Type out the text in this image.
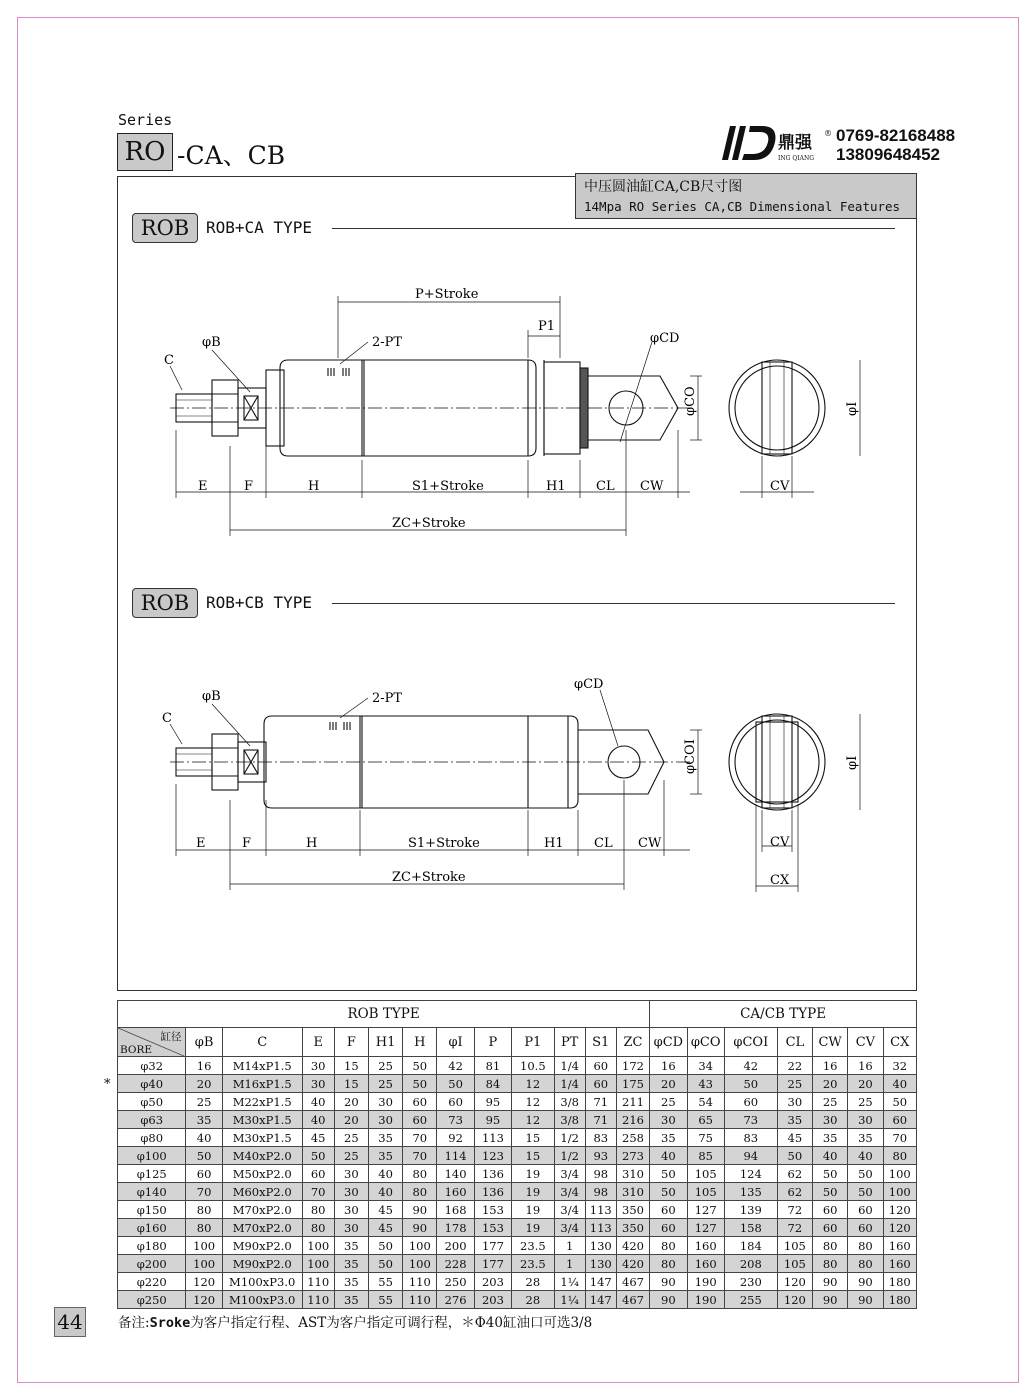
Series
RO -CA、CB	鼎强 ®
ING QIANG
0769-82168488
13809648452
中压圆油缸CA,CB尺寸图
14Mpa RO Series CA,CB Dimensional Features
ROB	ROB+CA TYPE
ROB	ROB+CB TYPE
P+Stroke
P1
φCD
φB
C
2-PT
φCO	φI
E	F	H	S1+Stroke	H1 CL CW	CV
ZC+Stroke
φCD
φB
C
2-PT
φCOI	φI
E	F	H	S1+Stroke	H1 CL CW	CV
CX
ZC+Stroke
ROB TYPE													CA/CB TYPE						

缸径
BORE	φB	C	E	F	H1	H	φI	P	P1	PT	S1	ZC	φCD	φCO	φCOI	CL	CW	CV	CX
φ32	16	M14xP1.5	30	15	25	50	42	81	10.5	1/4	60	172	16	34	42	22	16	16	32
φ40	20	M16xP1.5	30	15	25	50	50	84	12	1/4	60	175	20	43	50	25	20	20	40
φ50	25	M22xP1.5	40	20	30	60	60	95	12	3/8	71	211	25	54	60	30	25	25	50
φ63	35	M30xP1.5	40	20	30	60	73	95	12	3/8	71	216	30	65	73	35	30	30	60
φ80	40	M30xP1.5	45	25	35	70	92	113	15	1/2	83	258	35	75	83	45	35	35	70
φ100	50	M40xP2.0	50	25	35	70	114	123	15	1/2	93	273	40	85	94	50	40	40	80
φ125	60	M50xP2.0	60	30	40	80	140	136	19	3/4	98	310	50	105	124	62	50	50	100
φ140	70	M60xP2.0	70	30	40	80	160	136	19	3/4	98	310	50	105	135	62	50	50	100
φ150	80	M70xP2.0	80	30	45	90	168	153	19	3/4	113	350	60	127	139	72	60	60	120
φ160	80	M70xP2.0	80	30	45	90	178	153	19	3/4	113	350	60	127	158	72	60	60	120
φ180	100	M90xP2.0	100	35	50	100	200	177	23.5	1	130	420	80	160	184	105	80	80	160
φ200	100	M90xP2.0	100	35	50	100	228	177	23.5	1	130	420	80	160	208	105	80	80	160
φ220	120	M100xP3.0	110	35	55	110	250	203	28	1¼	147	467	90	190	230	120	90	90	180
φ250	120	M100xP3.0	110	35	55	110	276	203	28	1¼	147	467	90	190	255	120	90	90	180
*
44	备注:Sroke为客户指定行程、AST为客户指定可调行程，＊Φ40缸油口可选3/8
